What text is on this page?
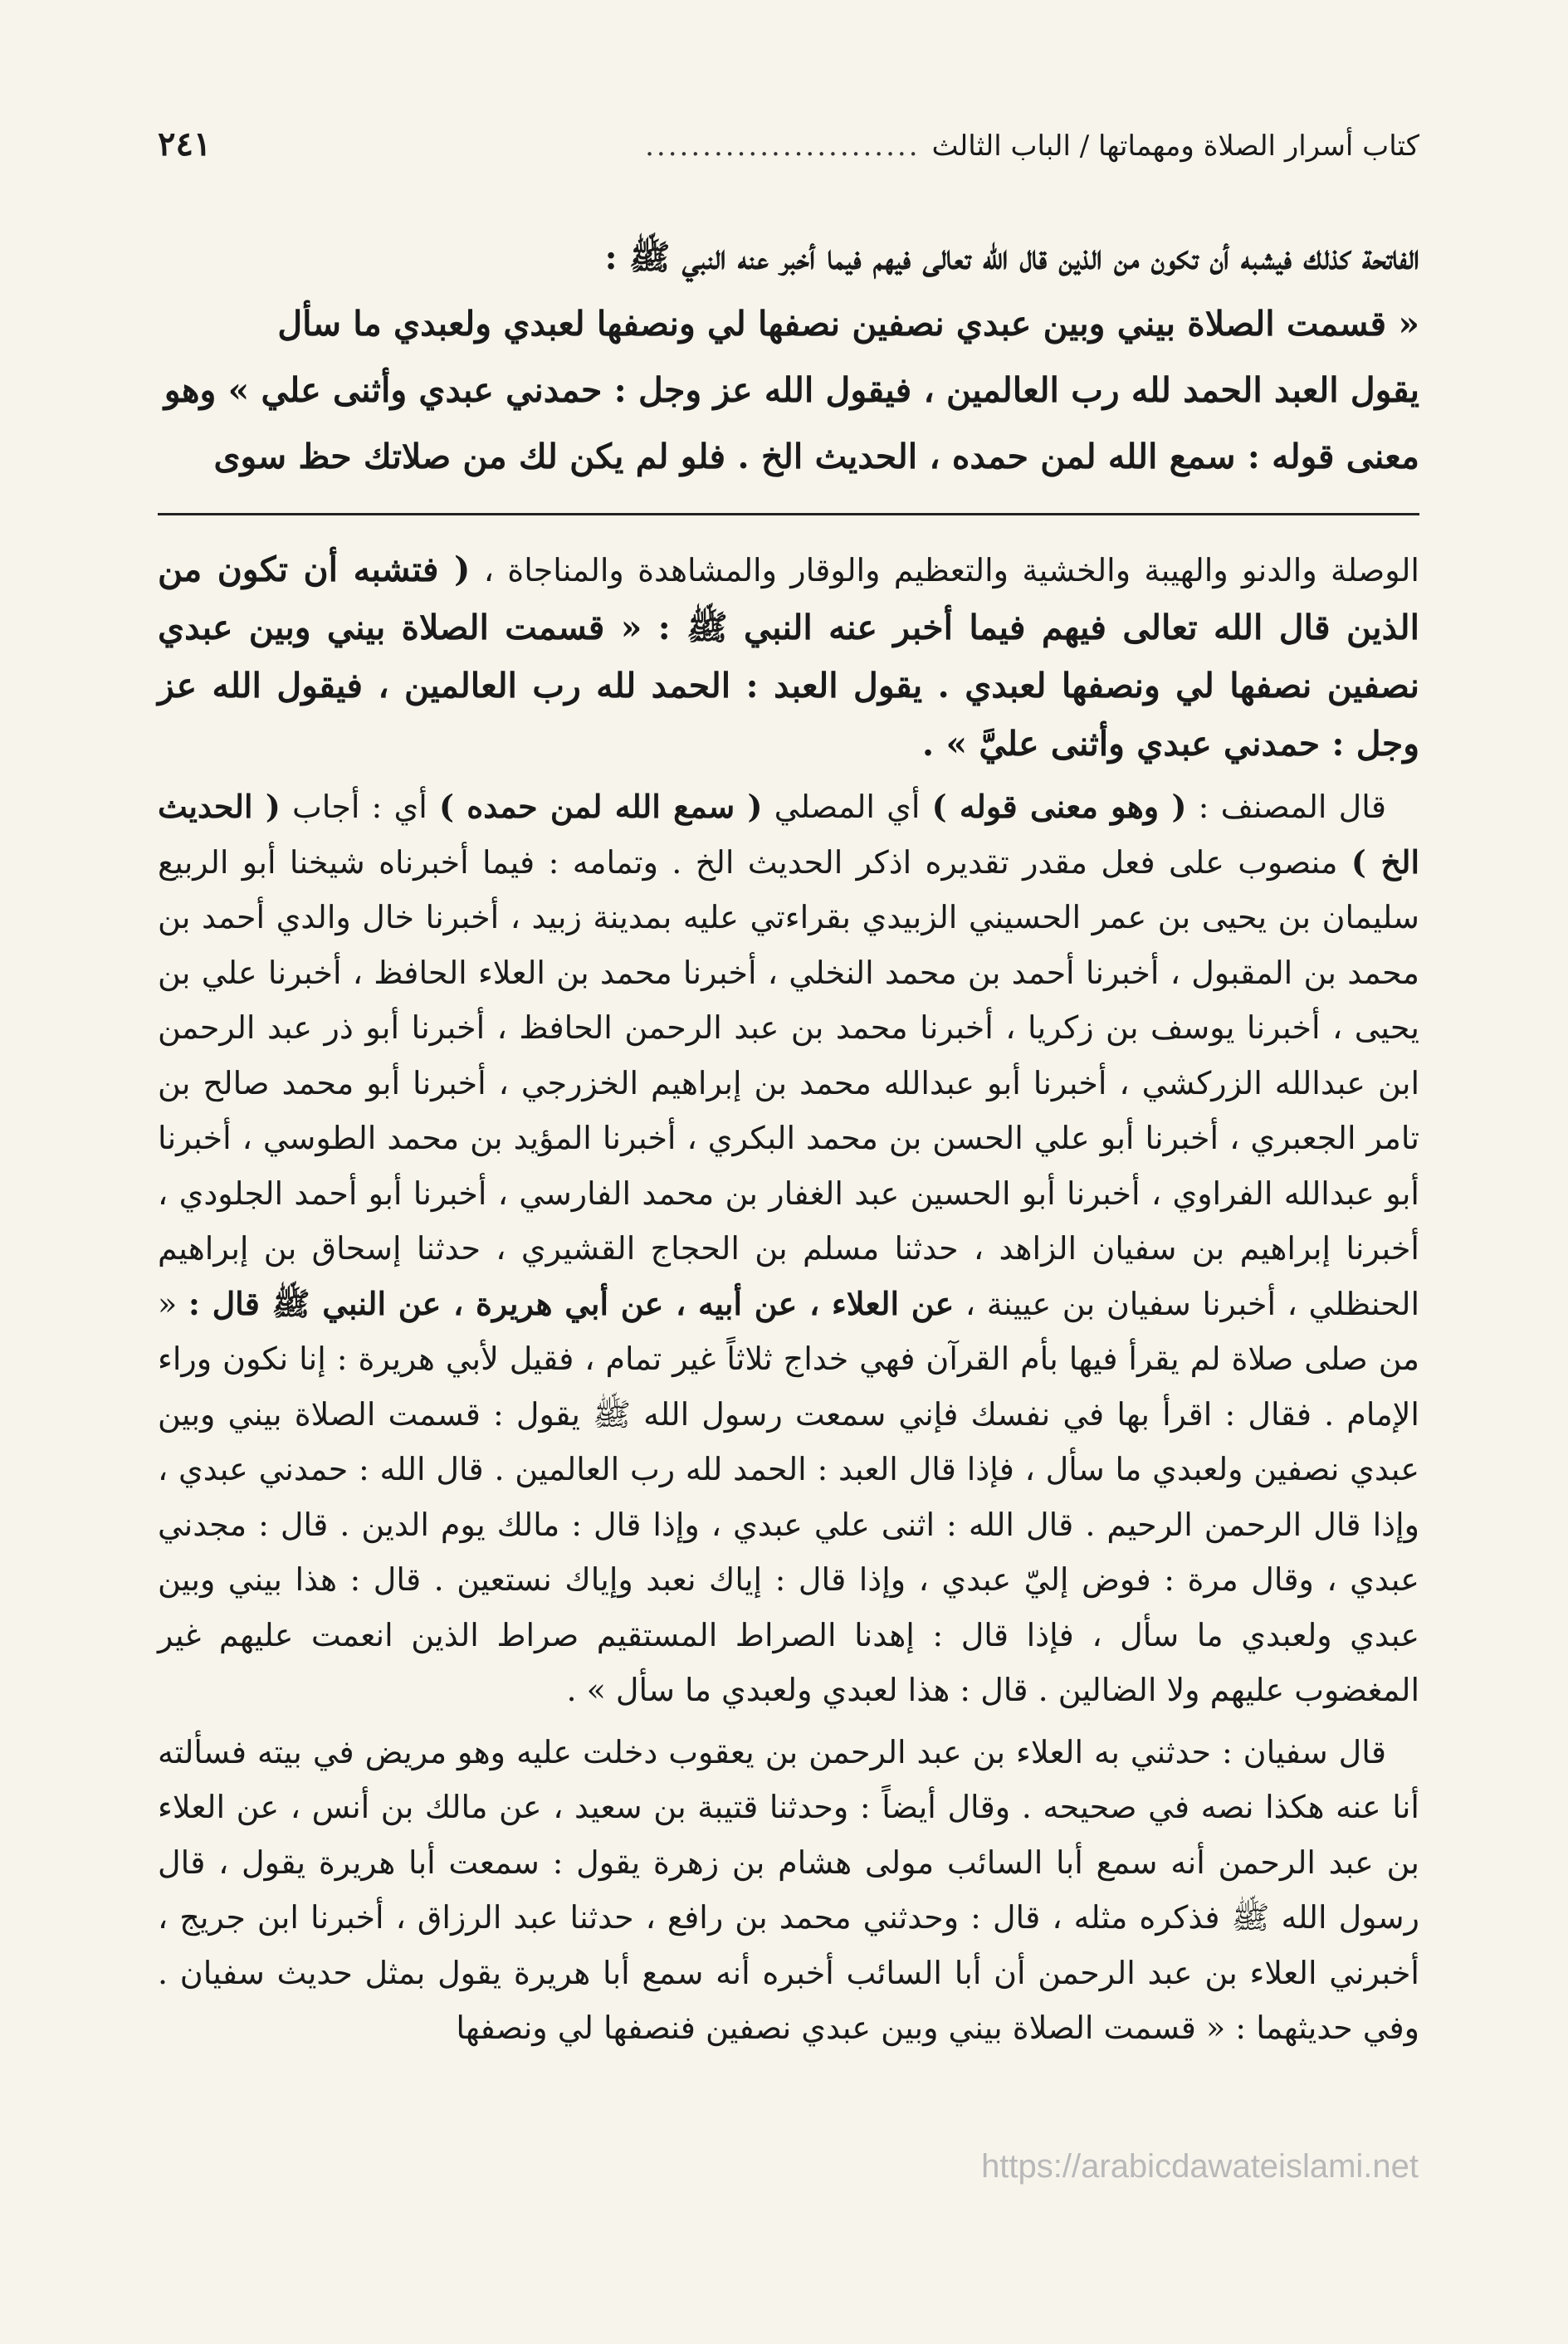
كتاب أسرار الصلاة ومهماتها / الباب الثالث
........................
٢٤١

الفاتحة كذلك فيشبه أن تكون من الذين قال الله تعالى فيهم فيما أخبر عنه النبي ﷺ :

« قسمت الصلاة بيني وبين عبدي نصفين نصفها لي ونصفها لعبدي ولعبدي ما سأل

يقول العبد الحمد لله رب العالمين ، فيقول الله عز وجل : حمدني عبدي وأثنى علي » وهو

معنى قوله : سمع الله لمن حمده ، الحديث الخ . فلو لم يكن لك من صلاتك حظ سوى

الوصلة والدنو والهيبة والخشية والتعظيم والوقار والمشاهدة والمناجاة ، ( فتشبه أن تكون من الذين قال الله تعالى فيهم فيما أخبر عنه النبي ﷺ : « قسمت الصلاة بيني وبين عبدي نصفين نصفها لي ونصفها لعبدي . يقول العبد : الحمد لله رب العالمين ، فيقول الله عز وجل : حمدني عبدي وأثنى عليَّ » .

قال المصنف : ( وهو معنى قوله ) أي المصلي ( سمع الله لمن حمده ) أي : أجاب ( الحديث الخ ) منصوب على فعل مقدر تقديره اذكر الحديث الخ . وتمامه : فيما أخبرناه شيخنا أبو الربيع سليمان بن يحيى بن عمر الحسيني الزبيدي بقراءتي عليه بمدينة زبيد ، أخبرنا خال والدي أحمد بن محمد بن المقبول ، أخبرنا أحمد بن محمد النخلي ، أخبرنا محمد بن العلاء الحافظ ، أخبرنا علي بن يحيى ، أخبرنا يوسف بن زكريا ، أخبرنا محمد بن عبد الرحمن الحافظ ، أخبرنا أبو ذر عبد الرحمن ابن عبدالله الزركشي ، أخبرنا أبو عبدالله محمد بن إبراهيم الخزرجي ، أخبرنا أبو محمد صالح بن تامر الجعبري ، أخبرنا أبو علي الحسن بن محمد البكري ، أخبرنا المؤيد بن محمد الطوسي ، أخبرنا أبو عبدالله الفراوي ، أخبرنا أبو الحسين عبد الغفار بن محمد الفارسي ، أخبرنا أبو أحمد الجلودي ، أخبرنا إبراهيم بن سفيان الزاهد ، حدثنا مسلم بن الحجاج القشيري ، حدثنا إسحاق بن إبراهيم الحنظلي ، أخبرنا سفيان بن عيينة ، عن العلاء ، عن أبيه ، عن أبي هريرة ، عن النبي ﷺ قال : « من صلى صلاة لم يقرأ فيها بأم القرآن فهي خداج ثلاثاً غير تمام ، فقيل لأبي هريرة : إنا نكون وراء الإمام . فقال : اقرأ بها في نفسك فإني سمعت رسول الله ﷺ يقول : قسمت الصلاة بيني وبين عبدي نصفين ولعبدي ما سأل ، فإذا قال العبد : الحمد لله رب العالمين . قال الله : حمدني عبدي ، وإذا قال الرحمن الرحيم . قال الله : اثنى علي عبدي ، وإذا قال : مالك يوم الدين . قال : مجدني عبدي ، وقال مرة : فوض إليّ عبدي ، وإذا قال : إياك نعبد وإياك نستعين . قال : هذا بيني وبين عبدي ولعبدي ما سأل ، فإذا قال : إهدنا الصراط المستقيم صراط الذين انعمت عليهم غير المغضوب عليهم ولا الضالين . قال : هذا لعبدي ولعبدي ما سأل » .

قال سفيان : حدثني به العلاء بن عبد الرحمن بن يعقوب دخلت عليه وهو مريض في بيته فسألته أنا عنه هكذا نصه في صحيحه . وقال أيضاً : وحدثنا قتيبة بن سعيد ، عن مالك بن أنس ، عن العلاء بن عبد الرحمن أنه سمع أبا السائب مولى هشام بن زهرة يقول : سمعت أبا هريرة يقول ، قال رسول الله ﷺ فذكره مثله ، قال : وحدثني محمد بن رافع ، حدثنا عبد الرزاق ، أخبرنا ابن جريج ، أخبرني العلاء بن عبد الرحمن أن أبا السائب أخبره أنه سمع أبا هريرة يقول بمثل حديث سفيان . وفي حديثهما : « قسمت الصلاة بيني وبين عبدي نصفين فنصفها لي ونصفها

https://arabicdawateislami.net
